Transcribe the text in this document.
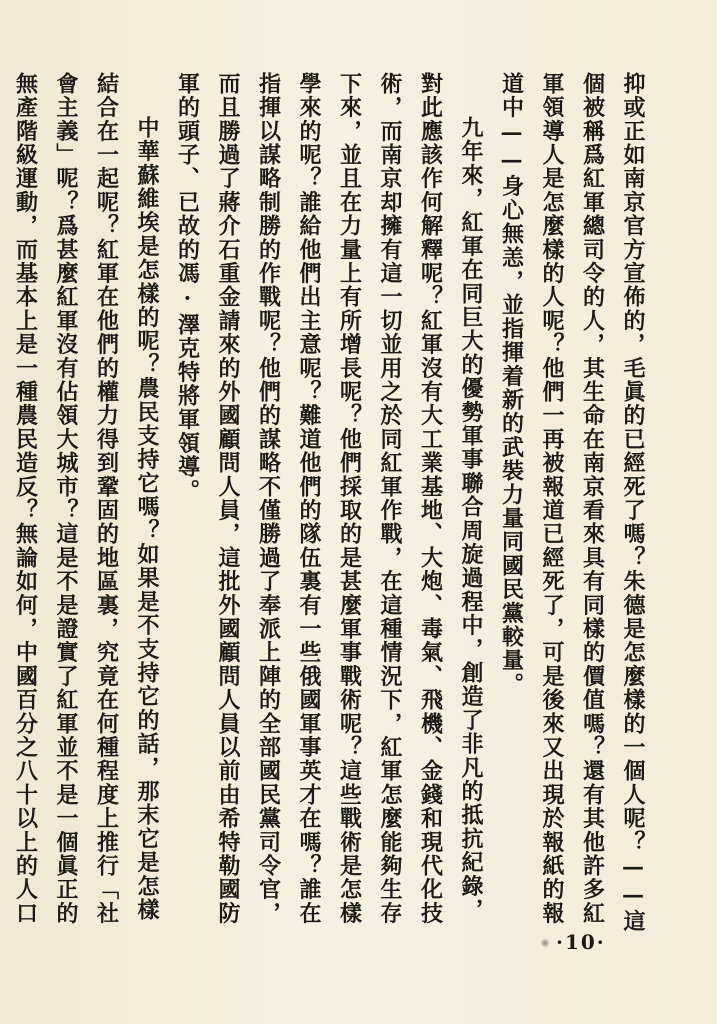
抑或正如南京官方宣佈的，毛眞的已經死了嗎？朱德是怎麼樣的一個人呢？——這個被稱爲紅軍總司令的人，其生命在南京看來具有同樣的價值嗎？還有其他許多紅軍領導人是怎麼樣的人呢？他們一再被報道已經死了，可是後來又出現於報紙的報道中——身心無恙，並指揮着新的武裝力量同國民黨較量。

九年來，紅軍在同巨大的優勢軍事聯合周旋過程中，創造了非凡的抵抗紀錄，對此應該作何解釋呢？紅軍沒有大工業基地、大炮、毒氣、飛機、金錢和現代化技術，而南京却擁有這一切並用之於同紅軍作戰，在這種情況下，紅軍怎麼能夠生存下來，並且在力量上有所增長呢？他們採取的是甚麼軍事戰術呢？這些戰術是怎樣學來的呢？誰給他們出主意呢？難道他們的隊伍裏有一些俄國軍事英才在嗎？誰在指揮以謀略制勝的作戰呢？他們的謀略不僅勝過了奉派上陣的全部國民黨司令官，而且勝過了蔣介石重金請來的外國顧問人員，這批外國顧問人員以前由希特勒國防軍的頭子、已故的馮·澤克特將軍領導。

中華蘇維埃是怎樣的呢？農民支持它嗎？如果是不支持它的話，那末它是怎樣結合在一起呢？紅軍在他們的權力得到鞏固的地區裏，究竟在何種程度上推行「社會主義」呢？爲甚麼紅軍沒有佔領大城市？這是不是證實了紅軍並不是一個眞正的無產階級運動，而基本上是一種農民造反？無論如何，中國百分之八十以上的人口

·10·
